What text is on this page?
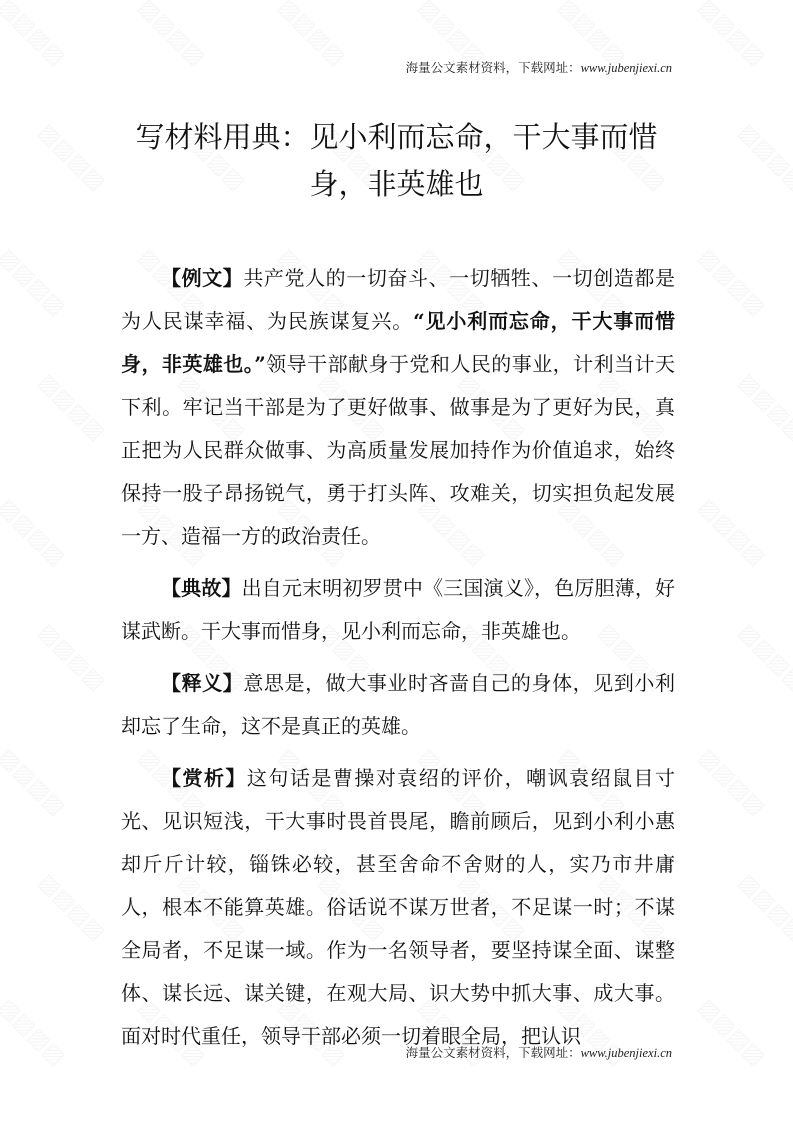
海量公文素材资料，下载网址：www.jubenjiexi.cn
写材料用典：见小利而忘命，干大事而惜身，非英雄也

【例文】共产党人的一切奋斗、一切牺牲、一切创造都是为人民谋幸福、为民族谋复兴。“见小利而忘命，干大事而惜身，非英雄也。”领导干部献身于党和人民的事业，计利当计天下利。牢记当干部是为了更好做事、做事是为了更好为民，真正把为人民群众做事、为高质量发展加持作为价值追求，始终保持一股子昂扬锐气，勇于打头阵、攻难关，切实担负起发展一方、造福一方的政治责任。

【典故】出自元末明初罗贯中《三国演义》，色厉胆薄，好谋武断。干大事而惜身，见小利而忘命，非英雄也。

【释义】意思是，做大事业时吝啬自己的身体，见到小利却忘了生命，这不是真正的英雄。

【赏析】这句话是曹操对袁绍的评价，嘲讽袁绍鼠目寸光、见识短浅，干大事时畏首畏尾，瞻前顾后，见到小利小惠却斤斤计较，锱铢必较，甚至舍命不舍财的人，实乃市井庸人，根本不能算英雄。俗话说不谋万世者，不足谋一时；不谋全局者，不足谋一域。作为一名领导者，要坚持谋全面、谋整体、谋长远、谋关键，在观大局、识大势中抓大事、成大事。面对时代重任，领导干部必须一切着眼全局，把认识

海量公文素材资料，下载网址：www.jubenjiexi.cn
